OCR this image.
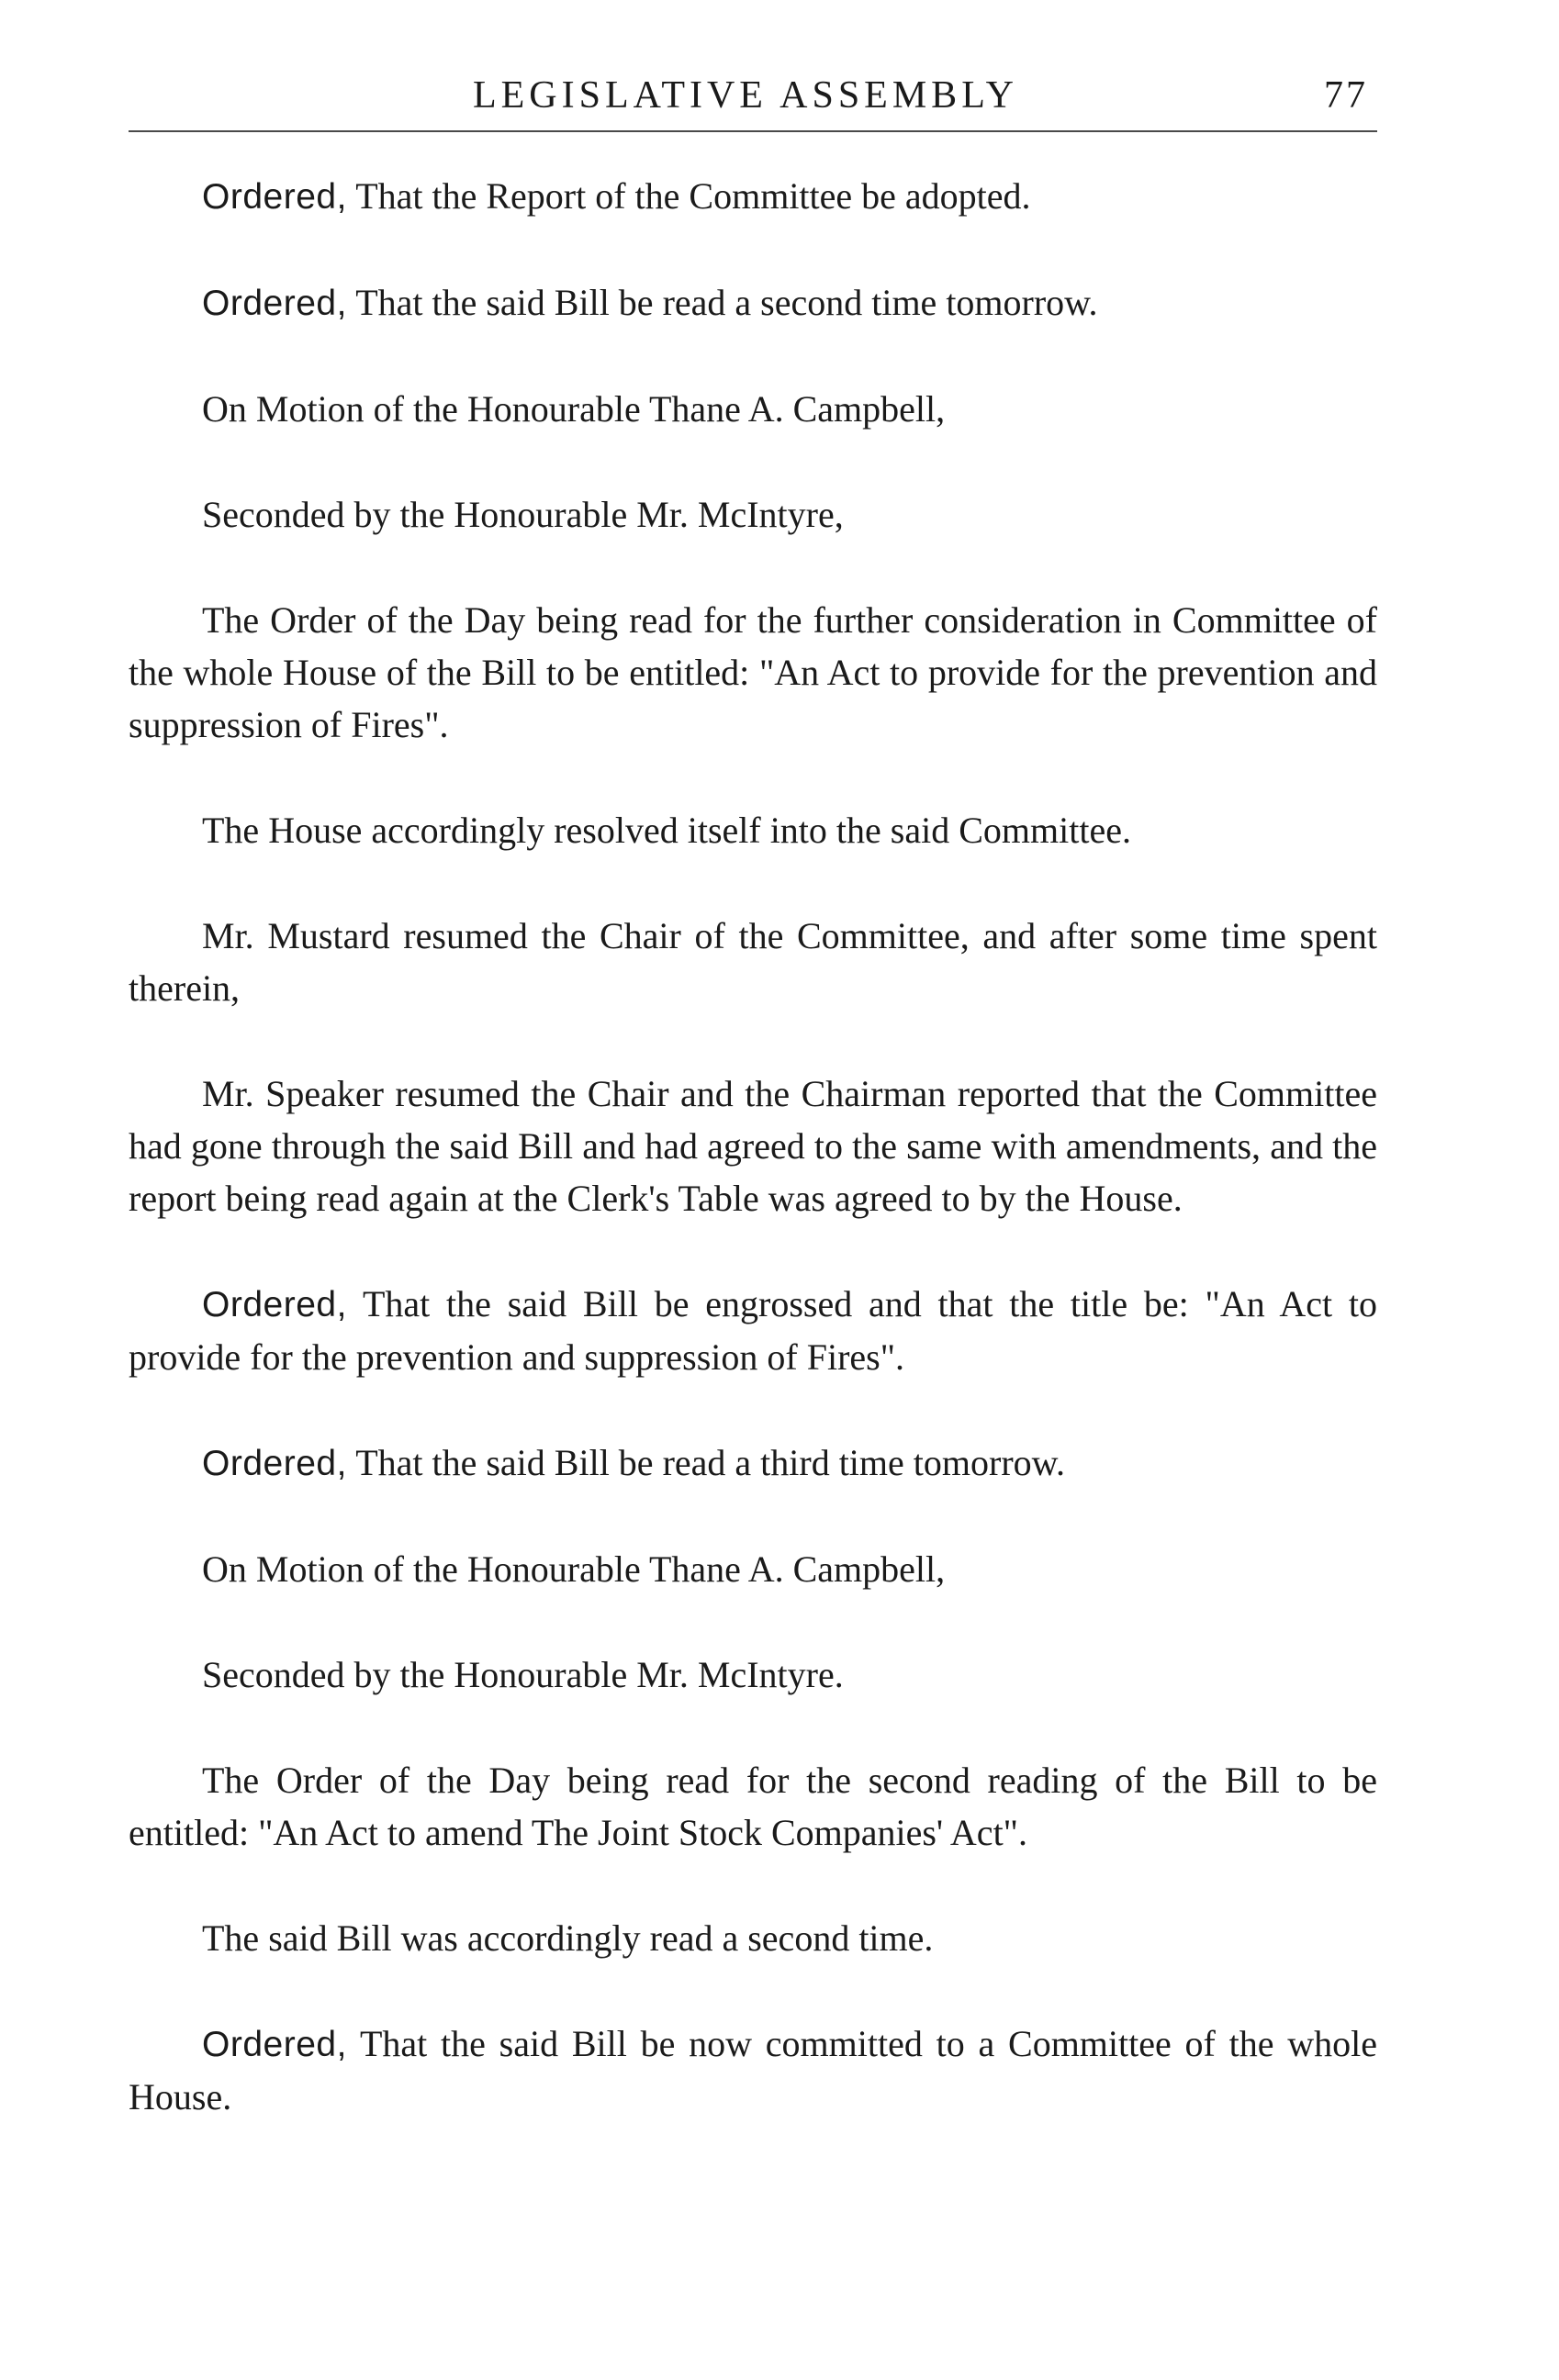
LEGISLATIVE ASSEMBLY	77

Ordered, That the Report of the Committee be adopted.

Ordered, That the said Bill be read a second time tomorrow.

On Motion of the Honourable Thane A. Campbell,

Seconded by the Honourable Mr. McIntyre,

The Order of the Day being read for the further consideration in Committee of the whole House of the Bill to be entitled: "An Act to provide for the prevention and suppression of Fires".

The House accordingly resolved itself into the said Committee.

Mr. Mustard resumed the Chair of the Committee, and after some time spent therein,

Mr. Speaker resumed the Chair and the Chairman reported that the Committee had gone through the said Bill and had agreed to the same with amendments, and the report being read again at the Clerk's Table was agreed to by the House.

Ordered, That the said Bill be engrossed and that the title be: "An Act to provide for the prevention and suppression of Fires".

Ordered, That the said Bill be read a third time tomorrow.

On Motion of the Honourable Thane A. Campbell,

Seconded by the Honourable Mr. McIntyre.

The Order of the Day being read for the second reading of the Bill to be entitled: "An Act to amend The Joint Stock Companies' Act".

The said Bill was accordingly read a second time.

Ordered, That the said Bill be now committed to a Committee of the whole House.
